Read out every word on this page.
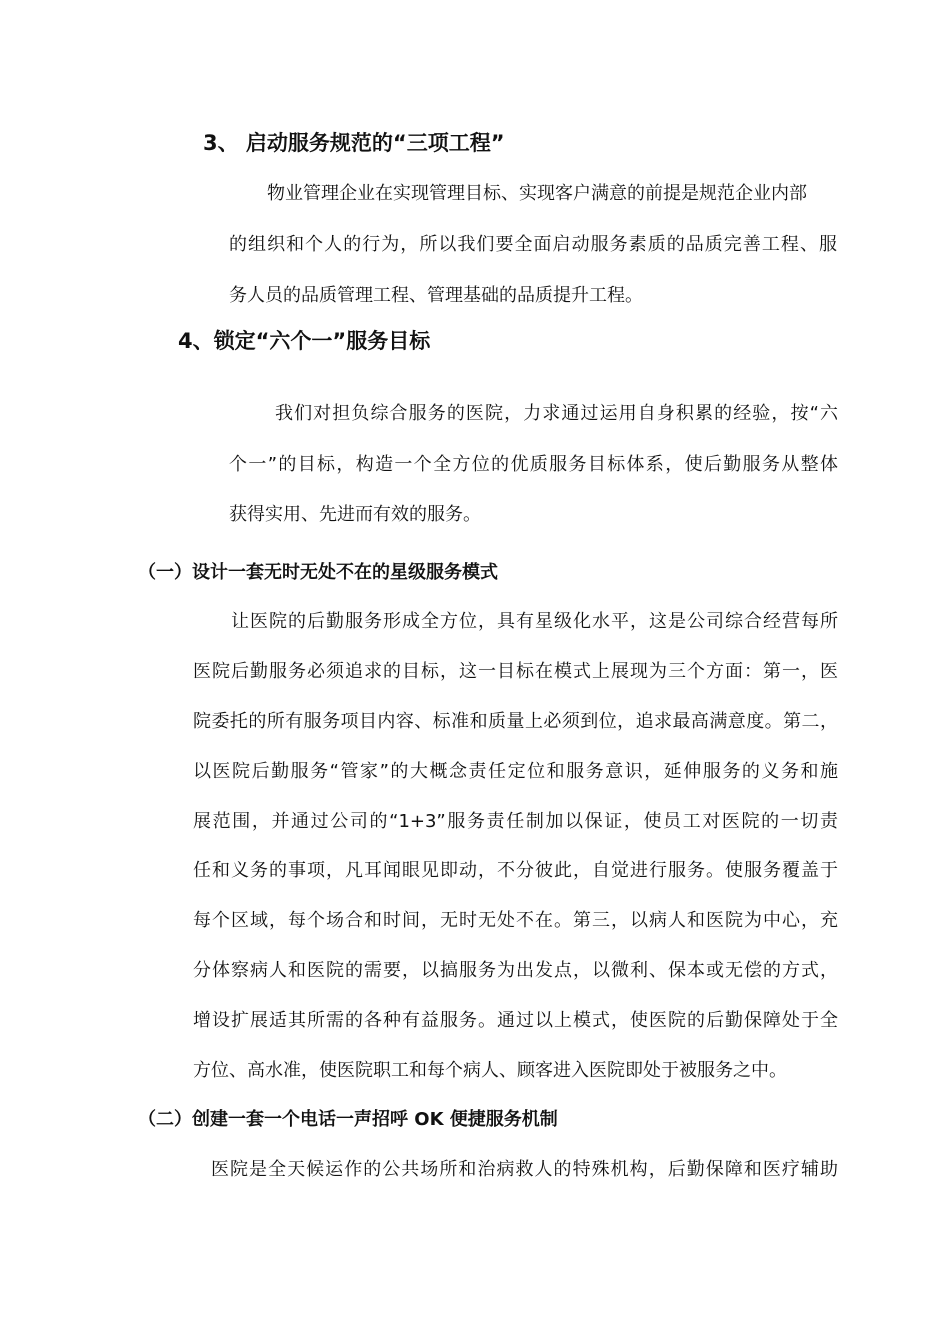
3、 启动服务规范的“三项工程”
物业管理企业在实现管理目标、实现客户满意的前提是规范企业内部
的组织和个人的行为，所以我们要全面启动服务素质的品质完善工程、服
务人员的品质管理工程、管理基础的品质提升工程。
4、锁定“六个一”服务目标
我们对担负综合服务的医院，力求通过运用自身积累的经验，按“六
个一”的目标，构造一个全方位的优质服务目标体系，使后勤服务从整体
获得实用、先进而有效的服务。
（一）设计一套无时无处不在的星级服务模式
让医院的后勤服务形成全方位，具有星级化水平，这是公司综合经营每所
医院后勤服务必须追求的目标，这一目标在模式上展现为三个方面：第一，医
院委托的所有服务项目内容、标准和质量上必须到位，追求最高满意度。第二，
以医院后勤服务“管家”的大概念责任定位和服务意识，延伸服务的义务和施
展范围，并通过公司的“1+3”服务责任制加以保证，使员工对医院的一切责
任和义务的事项，凡耳闻眼见即动，不分彼此，自觉进行服务。使服务覆盖于
每个区域，每个场合和时间，无时无处不在。第三，以病人和医院为中心，充
分体察病人和医院的需要，以搞服务为出发点，以微利、保本或无偿的方式，
增设扩展适其所需的各种有益服务。通过以上模式，使医院的后勤保障处于全
方位、高水准，使医院职工和每个病人、顾客进入医院即处于被服务之中。
（二）创建一套一个电话一声招呼 OK 便捷服务机制
医院是全天候运作的公共场所和治病救人的特殊机构，后勤保障和医疗辅助
